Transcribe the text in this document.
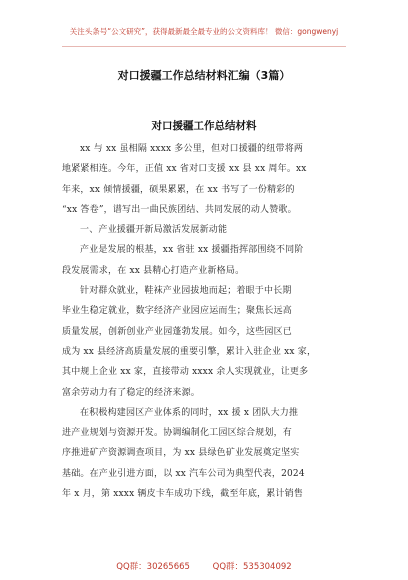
关注头条号“公文研究”，获得最新最全最专业的公文资料库！ 微信：gongwenyj
对口援疆工作总结材料汇编（3篇）
对口援疆工作总结材料
xx 与 xx 虽相隔 xxxx 多公里，但对口援疆的纽带将两
地紧紧相连。今年，正值 xx 省对口支援 xx 县 xx 周年。xx
年来，xx 倾情援疆，硕果累累，在 xx 书写了一份精彩的
“xx 答卷”，谱写出一曲民族团结、共同发展的动人赞歌。
一、产业援疆开新局激活发展新动能
产业是发展的根基，xx 省驻 xx 援疆指挥部围绕不同阶
段发展需求，在 xx 县精心打造产业新格局。
针对群众就业，鞋袜产业园拔地而起；着眼于中长期
毕业生稳定就业，数字经济产业园应运而生；聚焦长远高
质量发展，创新创业产业园蓬勃发展。如今，这些园区已
成为 xx 县经济高质量发展的重要引擎，累计入驻企业 xx 家，
其中规上企业 xx 家，直接带动 xxxx 余人实现就业，让更多
富余劳动力有了稳定的经济来源。
在积极构建园区产业体系的同时，xx 援 x 团队大力推
进产业规划与资源开发。协调编制化工园区综合规划，有
序推进矿产资源调查项目，为 xx 县绿色矿业发展奠定坚实
基础。在产业引进方面，以 xx 汽车公司为典型代表，2024
年 x 月，第 xxxx 辆皮卡车成功下线，截至年底，累计销售
QQ群：30265665	QQ群：535304092
